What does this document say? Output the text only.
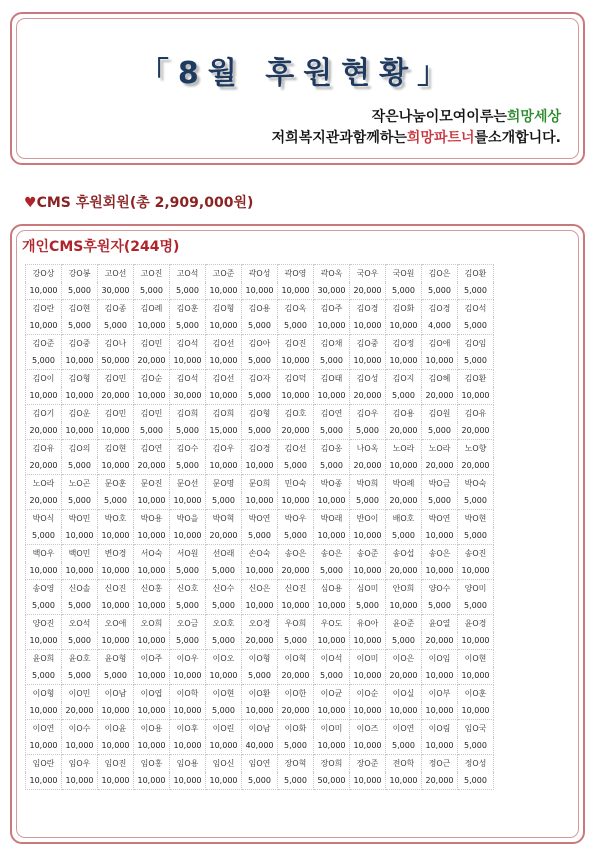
「8월 후원현황」
작은나눔이모여이루는희망세상
저희복지관과함께하는희망파트너를소개합니다.
♥CMS 후원회원(총 2,909,000원)
개인CMS후원자(244명)
강O상	강O봉	고O선	고O진	고O석	고O준	곽O성	곽O영	곽O옥	국O우	국O원	김O은	김O환
10,000	5,000	30,000	5,000	5,000	10,000	10,000	10,000	30,000	20,000	5,000	5,000	5,000
김O란	김O현	김O종	김O례	김O훈	김O형	김O용	김O옥	김O주	김O경	김O화	김O경	김O석
10,000	5,000	5,000	10,000	5,000	10,000	5,000	5,000	10,000	10,000	10,000	4,000	5,000
김O준	김O중	김O나	김O민	김O석	김O선	김O아	김O진	김O채	김O중	김O정	김O애	김O임
5,000	10,000	50,000	20,000	10,000	10,000	5,000	10,000	5,000	10,000	10,000	10,000	5,000
김O이	김O형	김O민	김O순	김O석	김O선	김O자	김O덕	김O태	김O성	김O지	김O혜	김O환
10,000	10,000	20,000	10,000	30,000	10,000	5,000	10,000	10,000	20,000	5,000	20,000	10,000
김O기	김O운	김O민	김O민	김O희	김O희	김O형	김O호	김O연	김O우	김O용	김O원	김O유
20,000	10,000	10,000	5,000	5,000	15,000	5,000	20,000	5,000	5,000	20,000	5,000	20,000
김O유	김O의	김O현	김O연	김O수	김O우	김O경	김O선	김O옹	나O옥	노O라	노O라	노O향
20,000	5,000	10,000	20,000	5,000	10,000	10,000	5,000	5,000	20,000	10,000	20,000	20,000
노O라	노O곤	문O훈	문O진	문O선	문O명	문O희	민O숙	박O종	박O희	박O례	박O금	박O숙
20,000	5,000	5,000	10,000	10,000	5,000	10,000	10,000	10,000	5,000	20,000	5,000	5,000
박O식	박O민	박O호	박O용	박O을	박O혁	박O연	박O우	박O래	반O이	배O호	박O연	박O현
5,000	10,000	10,000	10,000	10,000	20,000	5,000	5,000	10,000	10,000	5,000	10,000	5,000
백O우	백O민	변O경	서O숙	서O원	선O래	손O숙	송O은	송O은	송O준	송O섭	송O은	송O진
10,000	10,000	10,000	10,000	5,000	5,000	10,000	20,000	5,000	10,000	20,000	10,000	10,000
송O영	신O솔	신O진	신O홍	신O호	신O수	신O은	신O진	심O용	심O미	안O희	양O수	양O미
5,000	5,000	10,000	10,000	5,000	5,000	10,000	10,000	10,000	5,000	10,000	5,000	5,000
양O진	오O석	오O애	오O희	오O금	오O호	오O경	우O희	우O도	유O아	윤O준	윤O열	윤O경
10,000	5,000	10,000	10,000	5,000	5,000	20,000	5,000	10,000	10,000	5,000	20,000	10,000
윤O희	윤O호	윤O형	이O주	이O우	이O오	이O형	이O혁	이O석	이O미	이O은	이O임	이O현
5,000	5,000	5,000	10,000	10,000	10,000	5,000	20,000	5,000	10,000	20,000	10,000	10,000
이O형	이O민	이O남	이O엽	이O학	이O현	이O환	이O한	이O균	이O순	이O실	이O부	이O훈
10,000	20,000	10,000	10,000	10,000	5,000	10,000	20,000	10,000	10,000	10,000	10,000	10,000
이O연	이O수	이O윤	이O용	이O후	이O린	이O남	이O화	이O미	이O즈	이O연	이O림	임O국
10,000	10,000	10,000	10,000	10,000	10,000	40,000	5,000	10,000	10,000	5,000	10,000	5,000
임O란	임O우	임O진	임O홍	임O용	임O신	임O연	장O혁	장O희	장O준	전O학	정O근	정O성
10,000	10,000	10,000	10,000	10,000	10,000	5,000	5,000	50,000	10,000	10,000	20,000	5,000
